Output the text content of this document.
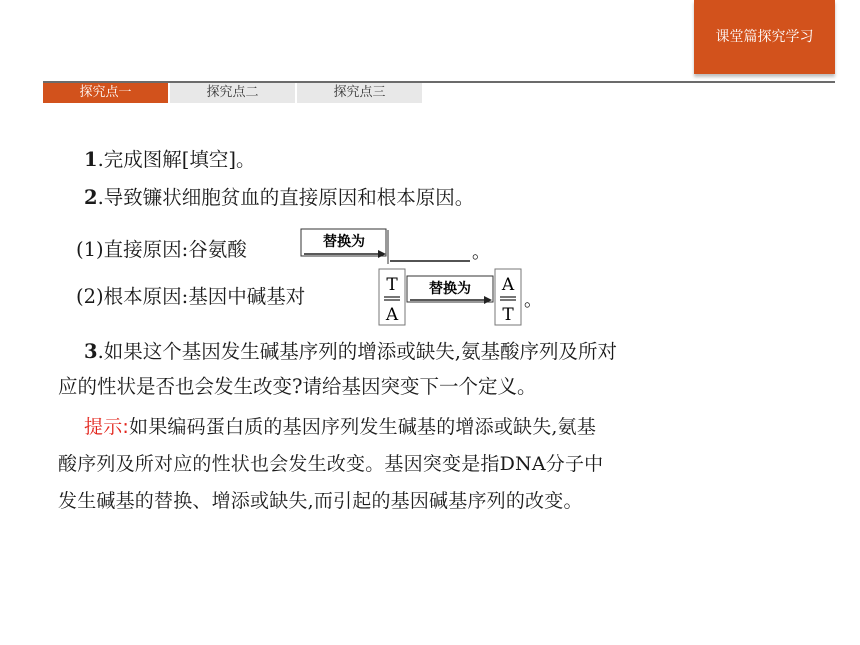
课堂篇探究学习
探究点一	探究点二	探究点三
1.完成图解[填空]。
2.导致镰状细胞贫血的直接原因和根本原因。
(1)直接原因:谷氨酸	替换为	。
(2)根本原因:基因中碱基对	T
A
替换为 A
T
。
3.如果这个基因发生碱基序列的增添或缺失,氨基酸序列及所对
应的性状是否也会发生改变?请给基因突变下一个定义。
提示:如果编码蛋白质的基因序列发生碱基的增添或缺失,氨基
酸序列及所对应的性状也会发生改变。基因突变是指DNA分子中
发生碱基的替换、增添或缺失,而引起的基因碱基序列的改变。
